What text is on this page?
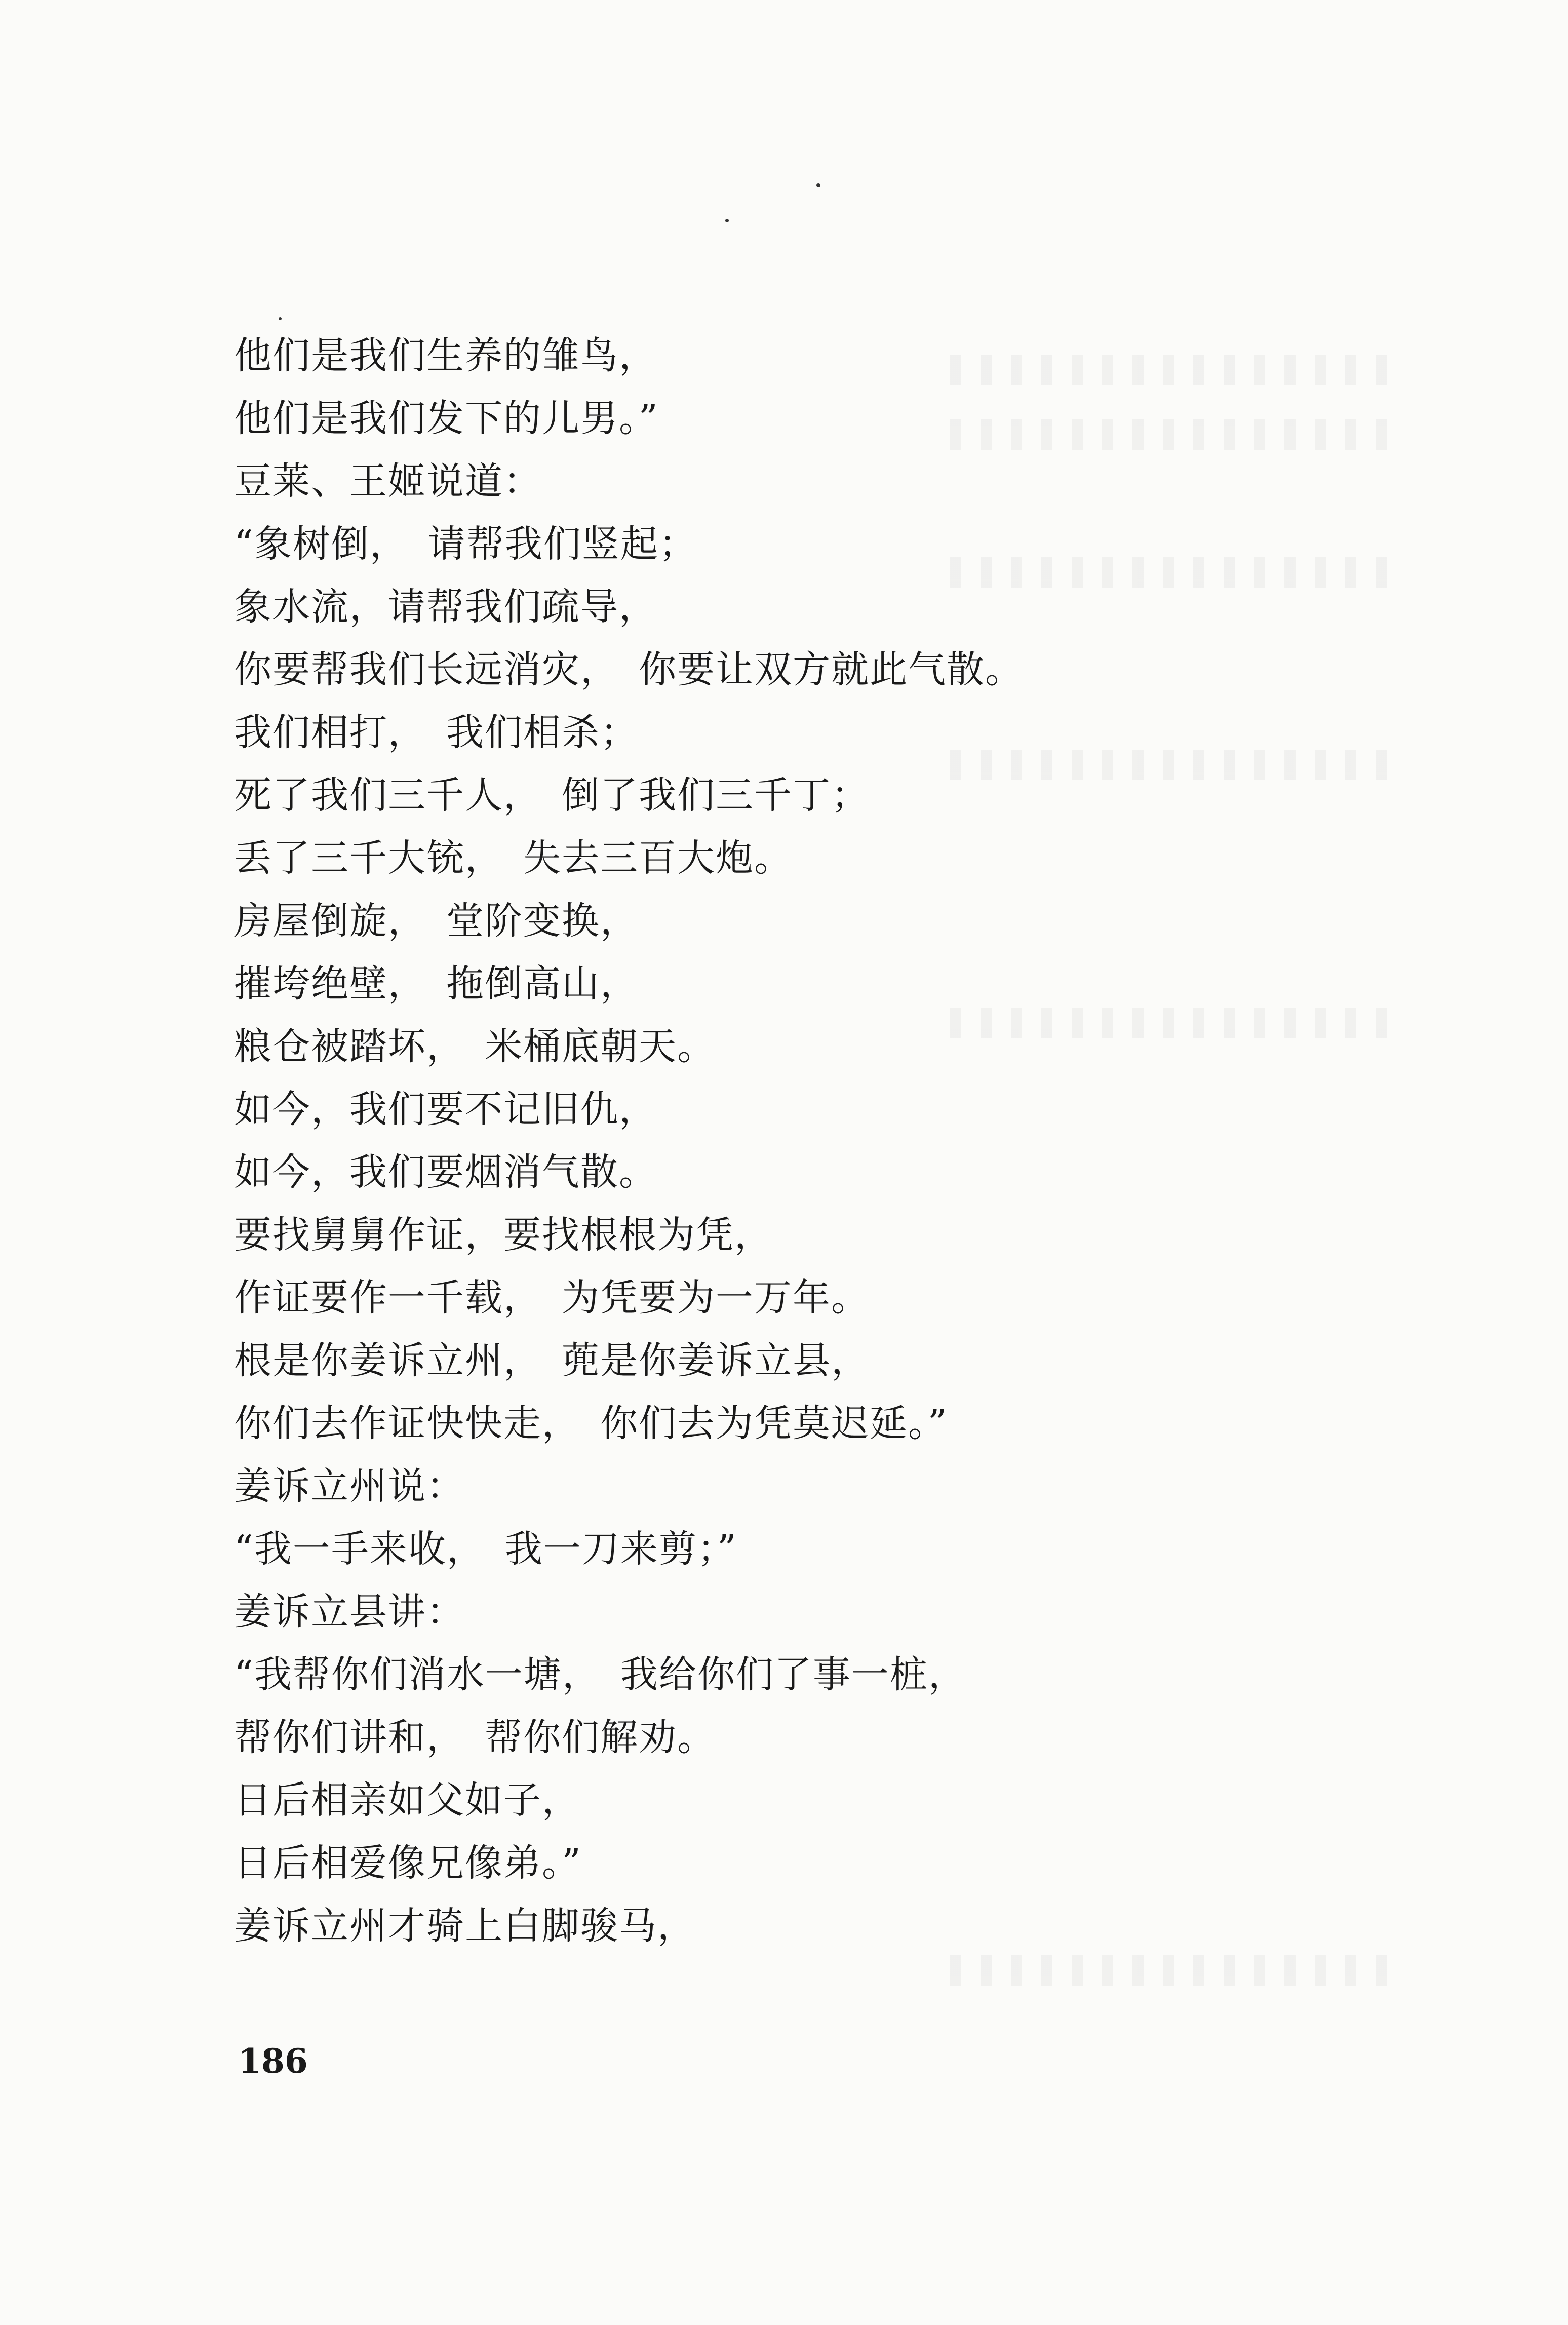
他们是我们生养的雏鸟，
他们是我们发下的儿男。”
豆莱、王姬说道：
“象树倒，　请帮我们竖起；
象水流，请帮我们疏导，
你要帮我们长远消灾，　你要让双方就此气散。
我们相打，　我们相杀；
死了我们三千人，　倒了我们三千丁；
丢了三千大铳，　失去三百大炮。
房屋倒旋，　堂阶变换，
摧垮绝壁，　拖倒高山，
粮仓被踏坏，　米桶底朝天。
如今，我们要不记旧仇，
如今，我们要烟消气散。
要找舅舅作证，要找根根为凭，
作证要作一千载，　为凭要为一万年。
根是你姜诉立州，　蔸是你姜诉立县，
你们去作证快快走，　你们去为凭莫迟延。”
姜诉立州说：
“我一手来收，　我一刀来剪；”
姜诉立县讲：
“我帮你们消水一塘，　我给你们了事一桩，
帮你们讲和，　帮你们解劝。
日后相亲如父如子，
日后相爱像兄像弟。”
姜诉立州才骑上白脚骏马，
186
